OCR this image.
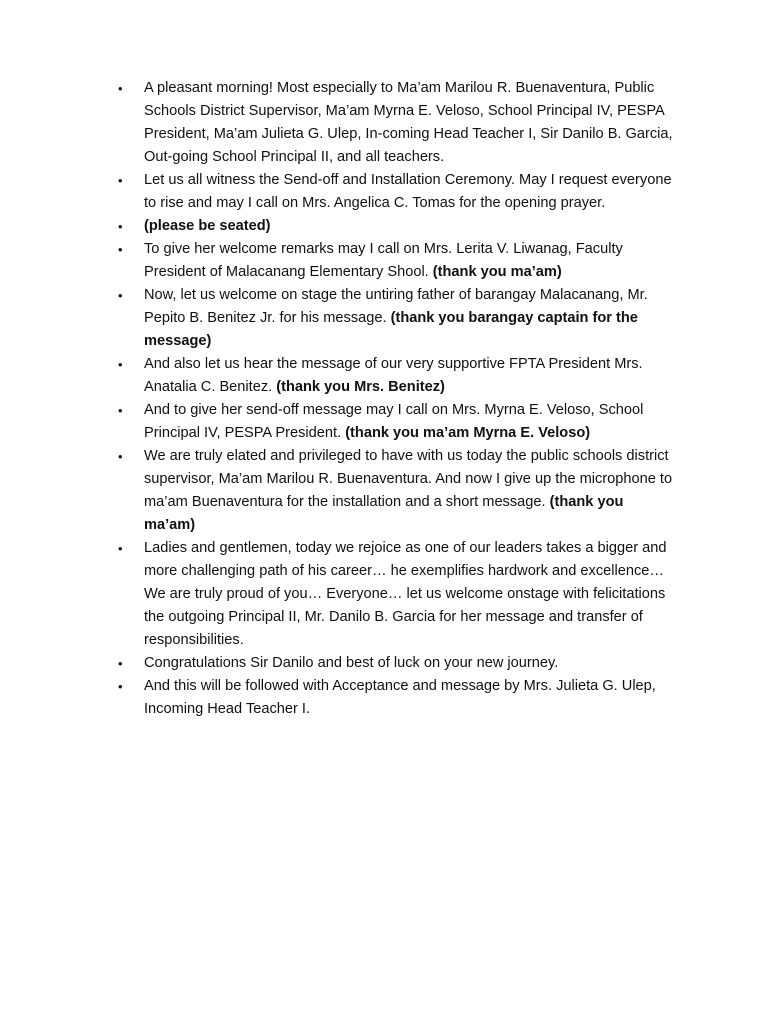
•	A pleasant morning! Most especially to Ma’am Marilou R. Buenaventura, Public Schools District Supervisor, Ma’am Myrna E. Veloso, School Principal IV, PESPA President, Ma’am Julieta G. Ulep, In-coming Head Teacher I, Sir Danilo B. Garcia, Out-going School Principal II, and all teachers.
•	Let us all witness the Send-off and Installation Ceremony. May I request everyone to rise and may I call on Mrs. Angelica C. Tomas for the opening prayer.
•	(please be seated)
•	To give her welcome remarks may I call on Mrs. Lerita V. Liwanag, Faculty President of Malacanang Elementary Shool. (thank you ma’am)
•	Now, let us welcome on stage the untiring father of barangay Malacanang, Mr. Pepito B. Benitez Jr. for his message. (thank you barangay captain for the message)
•	And also let us hear the message of our very supportive FPTA President Mrs. Anatalia C. Benitez. (thank you Mrs. Benitez)
•	And to give her send-off message may I call on Mrs. Myrna E. Veloso, School Principal IV, PESPA President. (thank you ma’am Myrna E. Veloso)
•	We are truly elated and privileged to have with us today the public schools district supervisor, Ma’am Marilou R. Buenaventura. And now I give up the microphone to ma’am Buenaventura for the installation and a short message. (thank you ma’am)
•	Ladies and gentlemen, today we rejoice as one of our leaders takes a bigger and more challenging path of his career… he exemplifies hardwork and excellence… We are truly proud of you… Everyone… let us welcome onstage with felicitations the outgoing Principal II, Mr. Danilo B. Garcia for her message and transfer of responsibilities.
•	Congratulations Sir Danilo and best of luck on your new journey.
•	And this will be followed with Acceptance and message by Mrs. Julieta G. Ulep, Incoming Head Teacher I.
